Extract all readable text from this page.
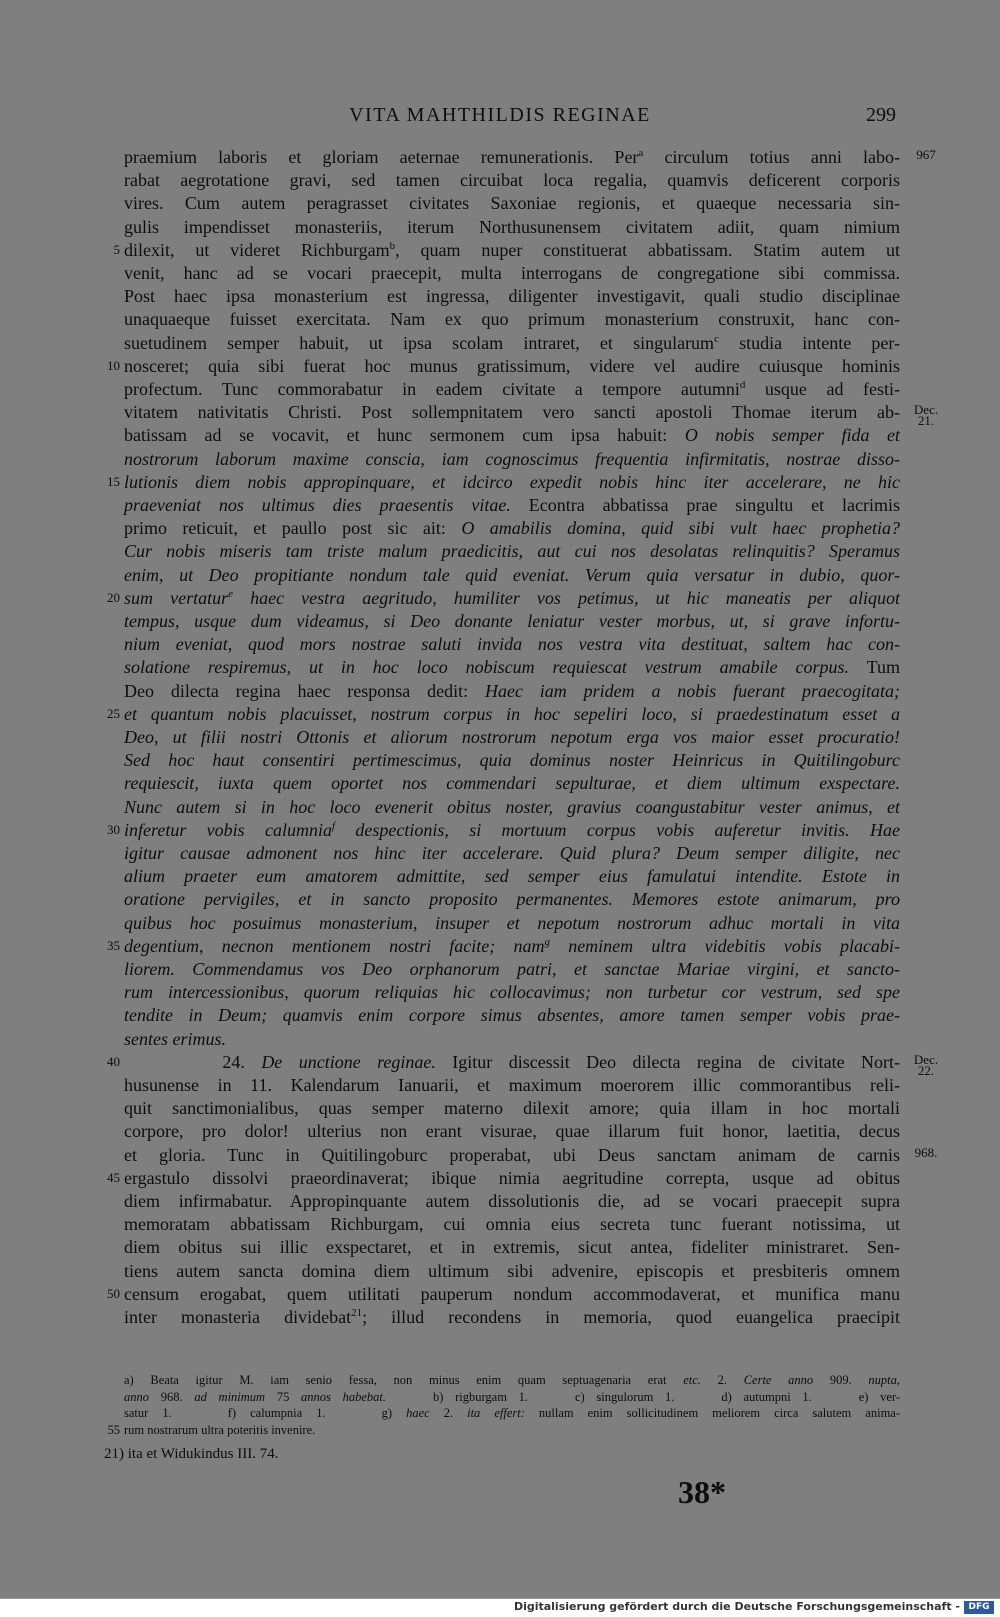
VITA MAHTHILDIS REGINAE	299
praemium laboris et gloriam aeternae remunerationis. Per$^a$ circulum totius anni labo-
rabat aegrotatione gravi, sed tamen circuibat loca regalia, quamvis deficerent corporis
vires. Cum autem peragrasset civitates Saxoniae regionis, et quaeque necessaria sin-
gulis impendisset monasteriis, iterum Northusunensem civitatem adiit, quam nimium
dilexit, ut videret Richburgam$^b$, quam nuper constituerat abbatissam. Statim autem ut
venit, hanc ad se vocari praecepit, multa interrogans de congregatione sibi commissa.
Post haec ipsa monasterium est ingressa, diligenter investigavit, quali studio disciplinae
unaquaeque fuisset exercitata. Nam ex quo primum monasterium construxit, hanc con-
suetudinem semper habuit, ut ipsa scolam intraret, et singularum$^c$ studia intente per-
nosceret; quia sibi fuerat hoc munus gratissimum, videre vel audire cuiusque hominis
profectum. Tunc commorabatur in eadem civitate a tempore autumni$^d$ usque ad festi-
vitatem nativitatis Christi. Post sollempnitatem vero sancti apostoli Thomae iterum ab-
batissam ad se vocavit, et hunc sermonem cum ipsa habuit: O nobis semper fida et
nostrorum laborum maxime conscia, iam cognoscimus frequentia infirmitatis, nostrae disso-
lutionis diem nobis appropinquare, et idcirco expedit nobis hinc iter accelerare, ne hic
praeveniat nos ultimus dies praesentis vitae. Econtra abbatissa prae singultu et lacrimis
primo reticuit, et paullo post sic ait: O amabilis domina, quid sibi vult haec prophetia?
Cur nobis miseris tam triste malum praedicitis, aut cui nos desolatas relinquitis? Speramus
enim, ut Deo propitiante nondum tale quid eveniat. Verum quia versatur in dubio, quor-
sum vertatur$^e$ haec vestra aegritudo, humiliter vos petimus, ut hic maneatis per aliquot
tempus, usque dum videamus, si Deo donante leniatur vester morbus, ut, si grave infortu-
nium eveniat, quod mors nostrae saluti invida nos vestra vita destituat, saltem hac con-
solatione respiremus, ut in hoc loco nobiscum requiescat vestrum amabile corpus. Tum
Deo dilecta regina haec responsa dedit: Haec iam pridem a nobis fuerant praecogitata;
et quantum nobis placuisset, nostrum corpus in hoc sepeliri loco, si praedestinatum esset a
Deo, ut filii nostri Ottonis et aliorum nostrorum nepotum erga vos maior esset procuratio!
Sed hoc haut consentiri pertimescimus, quia dominus noster Heinricus in Quitilingoburc
requiescit, iuxta quem oportet nos commendari sepulturae, et diem ultimum exspectare.
Nunc autem si in hoc loco evenerit obitus noster, gravius coangustabitur vester animus, et
inferetur vobis calumnia$^f$ despectionis, si mortuum corpus vobis auferetur invitis. Hae
igitur causae admonent nos hinc iter accelerare. Quid plura? Deum semper diligite, nec
alium praeter eum amatorem admittite, sed semper eius famulatui intendite. Estote in
oratione pervigiles, et in sancto proposito permanentes. Memores estote animarum, pro
quibus hoc posuimus monasterium, insuper et nepotum nostrorum adhuc mortali in vita
degentium, necnon mentionem nostri facite; nam$^g$ neminem ultra videbitis vobis placabi-
liorem. Commendamus vos Deo orphanorum patri, et sanctae Mariae virgini, et sancto-
rum intercessionibus, quorum reliquias hic collocavimus; non turbetur cor vestrum, sed spe
tendite in Deum; quamvis enim corpore simus absentes, amore tamen semper vobis prae-
sentes erimus.
24. De unctione reginae. Igitur discessit Deo dilecta regina de civitate Nort-
husunense in 11. Kalendarum Ianuarii, et maximum moerorem illic commorantibus reli-
quit sanctimonialibus, quas semper materno dilexit amore; quia illam in hoc mortali
corpore, pro dolor! ulterius non erant visurae, quae illarum fuit honor, laetitia, decus
et gloria. Tunc in Quitilingoburc properabat, ubi Deus sanctam animam de carnis
ergastulo dissolvi praeordinaverat; ibique nimia aegritudine correpta, usque ad obitus
diem infirmabatur. Appropinquante autem dissolutionis die, ad se vocari praecepit supra
memoratam abbatissam Richburgam, cui omnia eius secreta tunc fuerant notissima, ut
diem obitus sui illic exspectaret, et in extremis, sicut antea, fideliter ministraret. Sen-
tiens autem sancta domina diem ultimum sibi advenire, episcopis et presbiteris omnem
censum erogabat, quem utilitati pauperum nondum accommodaverat, et munifica manu
inter monasteria dividebat$^{21}$; illud recondens in memoria, quod euangelica praecipit
5
10
15
20
25
30
35
40
45
50
967
Dec.
21.
Dec.
22.
968.
a) Beata igitur M. iam senio fessa, non minus enim quam septuagenaria erat etc. 2. Certe anno 909. nupta,
anno 968. ad minimum 75 annos habebat.    b) rigburgam 1.    c) singulorum 1.    d) autumpni 1.    e) ver-
satur 1.    f) calumpnia 1.    g) haec 2. ita effert: nullam enim sollicitudinem meliorem circa salutem anima-
rum nostrarum ultra poteritis invenire.
55
21) ita et Widukindus III. 74.
38*
Digitalisierung gefördert durch die Deutsche Forschungsgemeinschaft - DFG
